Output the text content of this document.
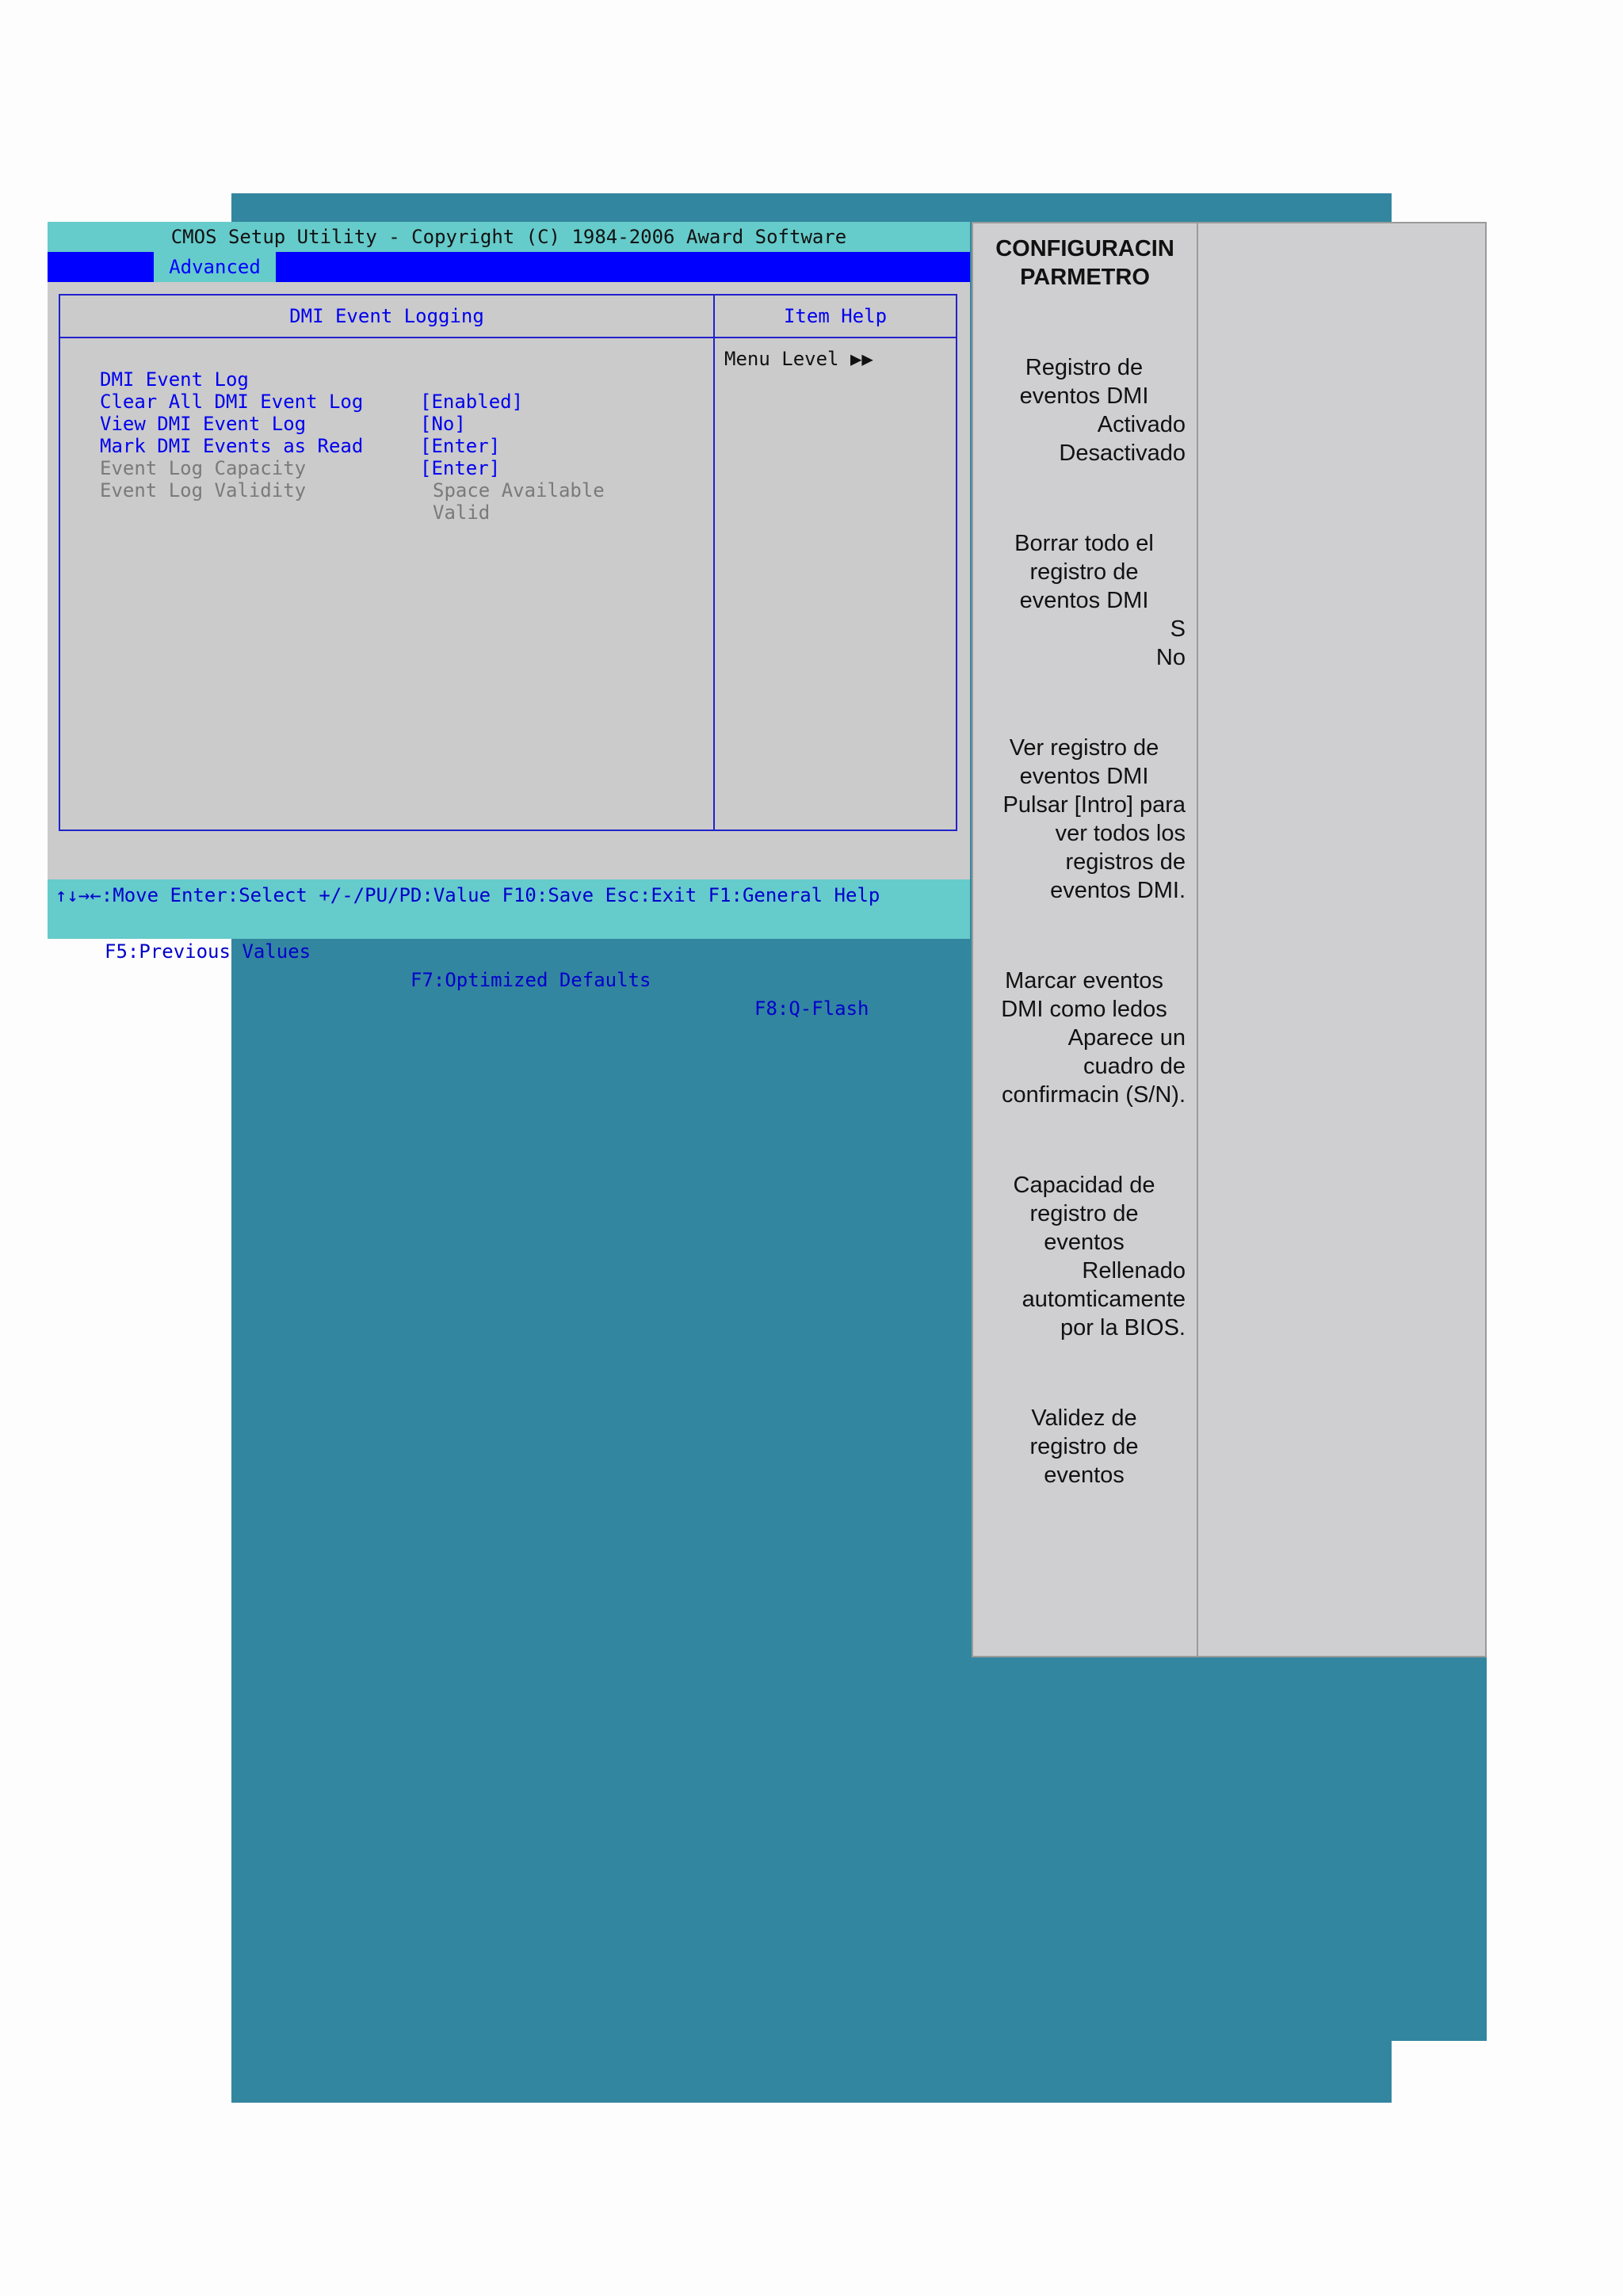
CMOS Setup Utility - Copyright (C) 1984-2006 Award Software
Advanced
DMI Event Logging	Item Help

DMI Event Log

[Enabled]

Clear All DMI Event Log

[No]

View DMI Event Log

[Enter]

Mark DMI Events as Read

[Enter]

Event Log Capacity

Space Available

Event Log Validity

Valid

Menu Level ▶▶
↑↓→←:Move Enter:Select +/-/PU/PD:Value F10:Save Esc:Exit F1:General Help

F5:Previous Values

F7:Optimized Defaults

F8:Q-Flash

CONFIGURACIN
PARMETRO
Registro de
eventos DMI
Activado
Desactivado
Borrar todo el
registro de
eventos DMI
S
No
Ver registro de
eventos DMI
Pulsar [Intro] para
ver todos los
registros de
eventos DMI.
Marcar eventos
DMI como ledos
Aparece un
cuadro de
confirmacin (S/N).
Capacidad de
registro de
eventos
Rellenado
automticamente
por la BIOS.
Validez de
registro de
eventos
